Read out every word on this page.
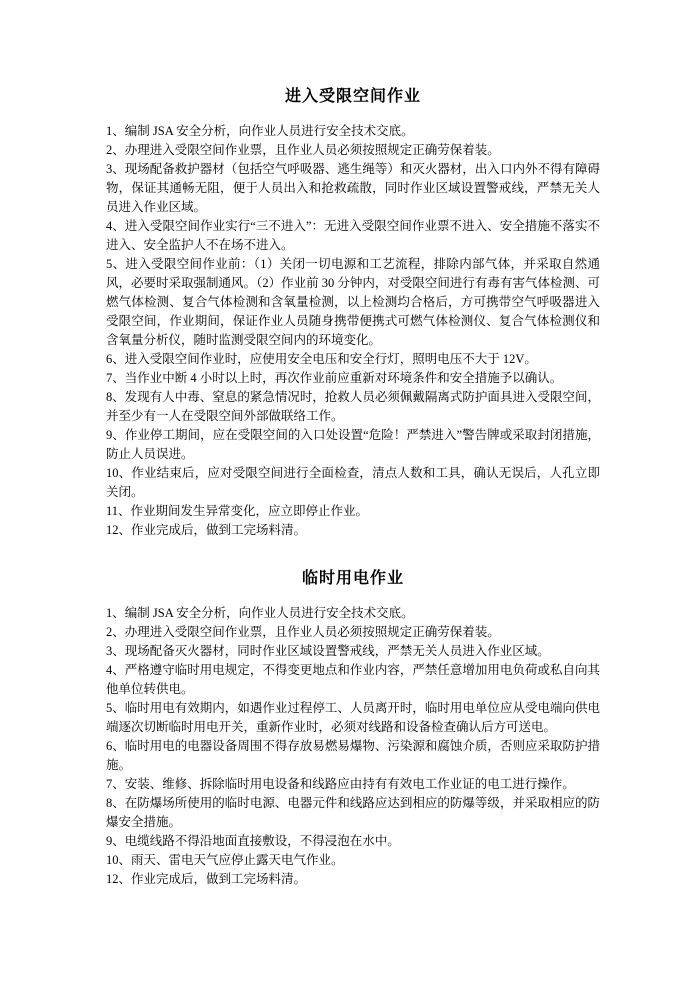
进入受限空间作业

1、编制 JSA 安全分析，向作业人员进行安全技术交底。

2、办理进入受限空间作业票，且作业人员必须按照规定正确劳保着装。

3、现场配备救护器材（包括空气呼吸器、逃生绳等）和灭火器材，出入口内外不得有障碍物，保证其通畅无阻，便于人员出入和抢救疏散，同时作业区域设置警戒线，严禁无关人员进入作业区域。

4、进入受限空间作业实行“三不进入”：无进入受限空间作业票不进入、安全措施不落实不进入、安全监护人不在场不进入。

5、进入受限空间作业前：（1）关闭一切电源和工艺流程，排除内部气体，并采取自然通风，必要时采取强制通风。（2）作业前 30 分钟内，对受限空间进行有毒有害气体检测、可燃气体检测、复合气体检测和含氧量检测，以上检测均合格后，方可携带空气呼吸器进入受限空间，作业期间，保证作业人员随身携带便携式可燃气体检测仪、复合气体检测仪和含氧量分析仪，随时监测受限空间内的环境变化。

6、进入受限空间作业时，应使用安全电压和安全行灯，照明电压不大于 12V。

7、当作业中断 4 小时以上时，再次作业前应重新对环境条件和安全措施予以确认。

8、发现有人中毒、窒息的紧急情况时，抢救人员必须佩戴隔离式防护面具进入受限空间，并至少有一人在受限空间外部做联络工作。

9、作业停工期间，应在受限空间的入口处设置“危险！严禁进入”警告牌或采取封闭措施，防止人员误进。

10、作业结束后，应对受限空间进行全面检查，清点人数和工具，确认无误后，人孔立即关闭。

11、作业期间发生异常变化，应立即停止作业。

12、作业完成后，做到工完场料清。

临时用电作业

1、编制 JSA 安全分析，向作业人员进行安全技术交底。

2、办理进入受限空间作业票，且作业人员必须按照规定正确劳保着装。

3、现场配备灭火器材，同时作业区域设置警戒线，严禁无关人员进入作业区域。

4、严格遵守临时用电规定，不得变更地点和作业内容，严禁任意增加用电负荷或私自向其他单位转供电。

5、临时用电有效期内，如遇作业过程停工、人员离开时，临时用电单位应从受电端向供电端逐次切断临时用电开关，重新作业时，必须对线路和设备检查确认后方可送电。

6、临时用电的电器设备周围不得存放易燃易爆物、污染源和腐蚀介质，否则应采取防护措施。

7、安装、维修、拆除临时用电设备和线路应由持有有效电工作业证的电工进行操作。

8、在防爆场所使用的临时电源、电器元件和线路应达到相应的防爆等级，并采取相应的防爆安全措施。

9、电缆线路不得沿地面直接敷设，不得浸泡在水中。

10、雨天、雷电天气应停止露天电气作业。

12、作业完成后，做到工完场料清。
